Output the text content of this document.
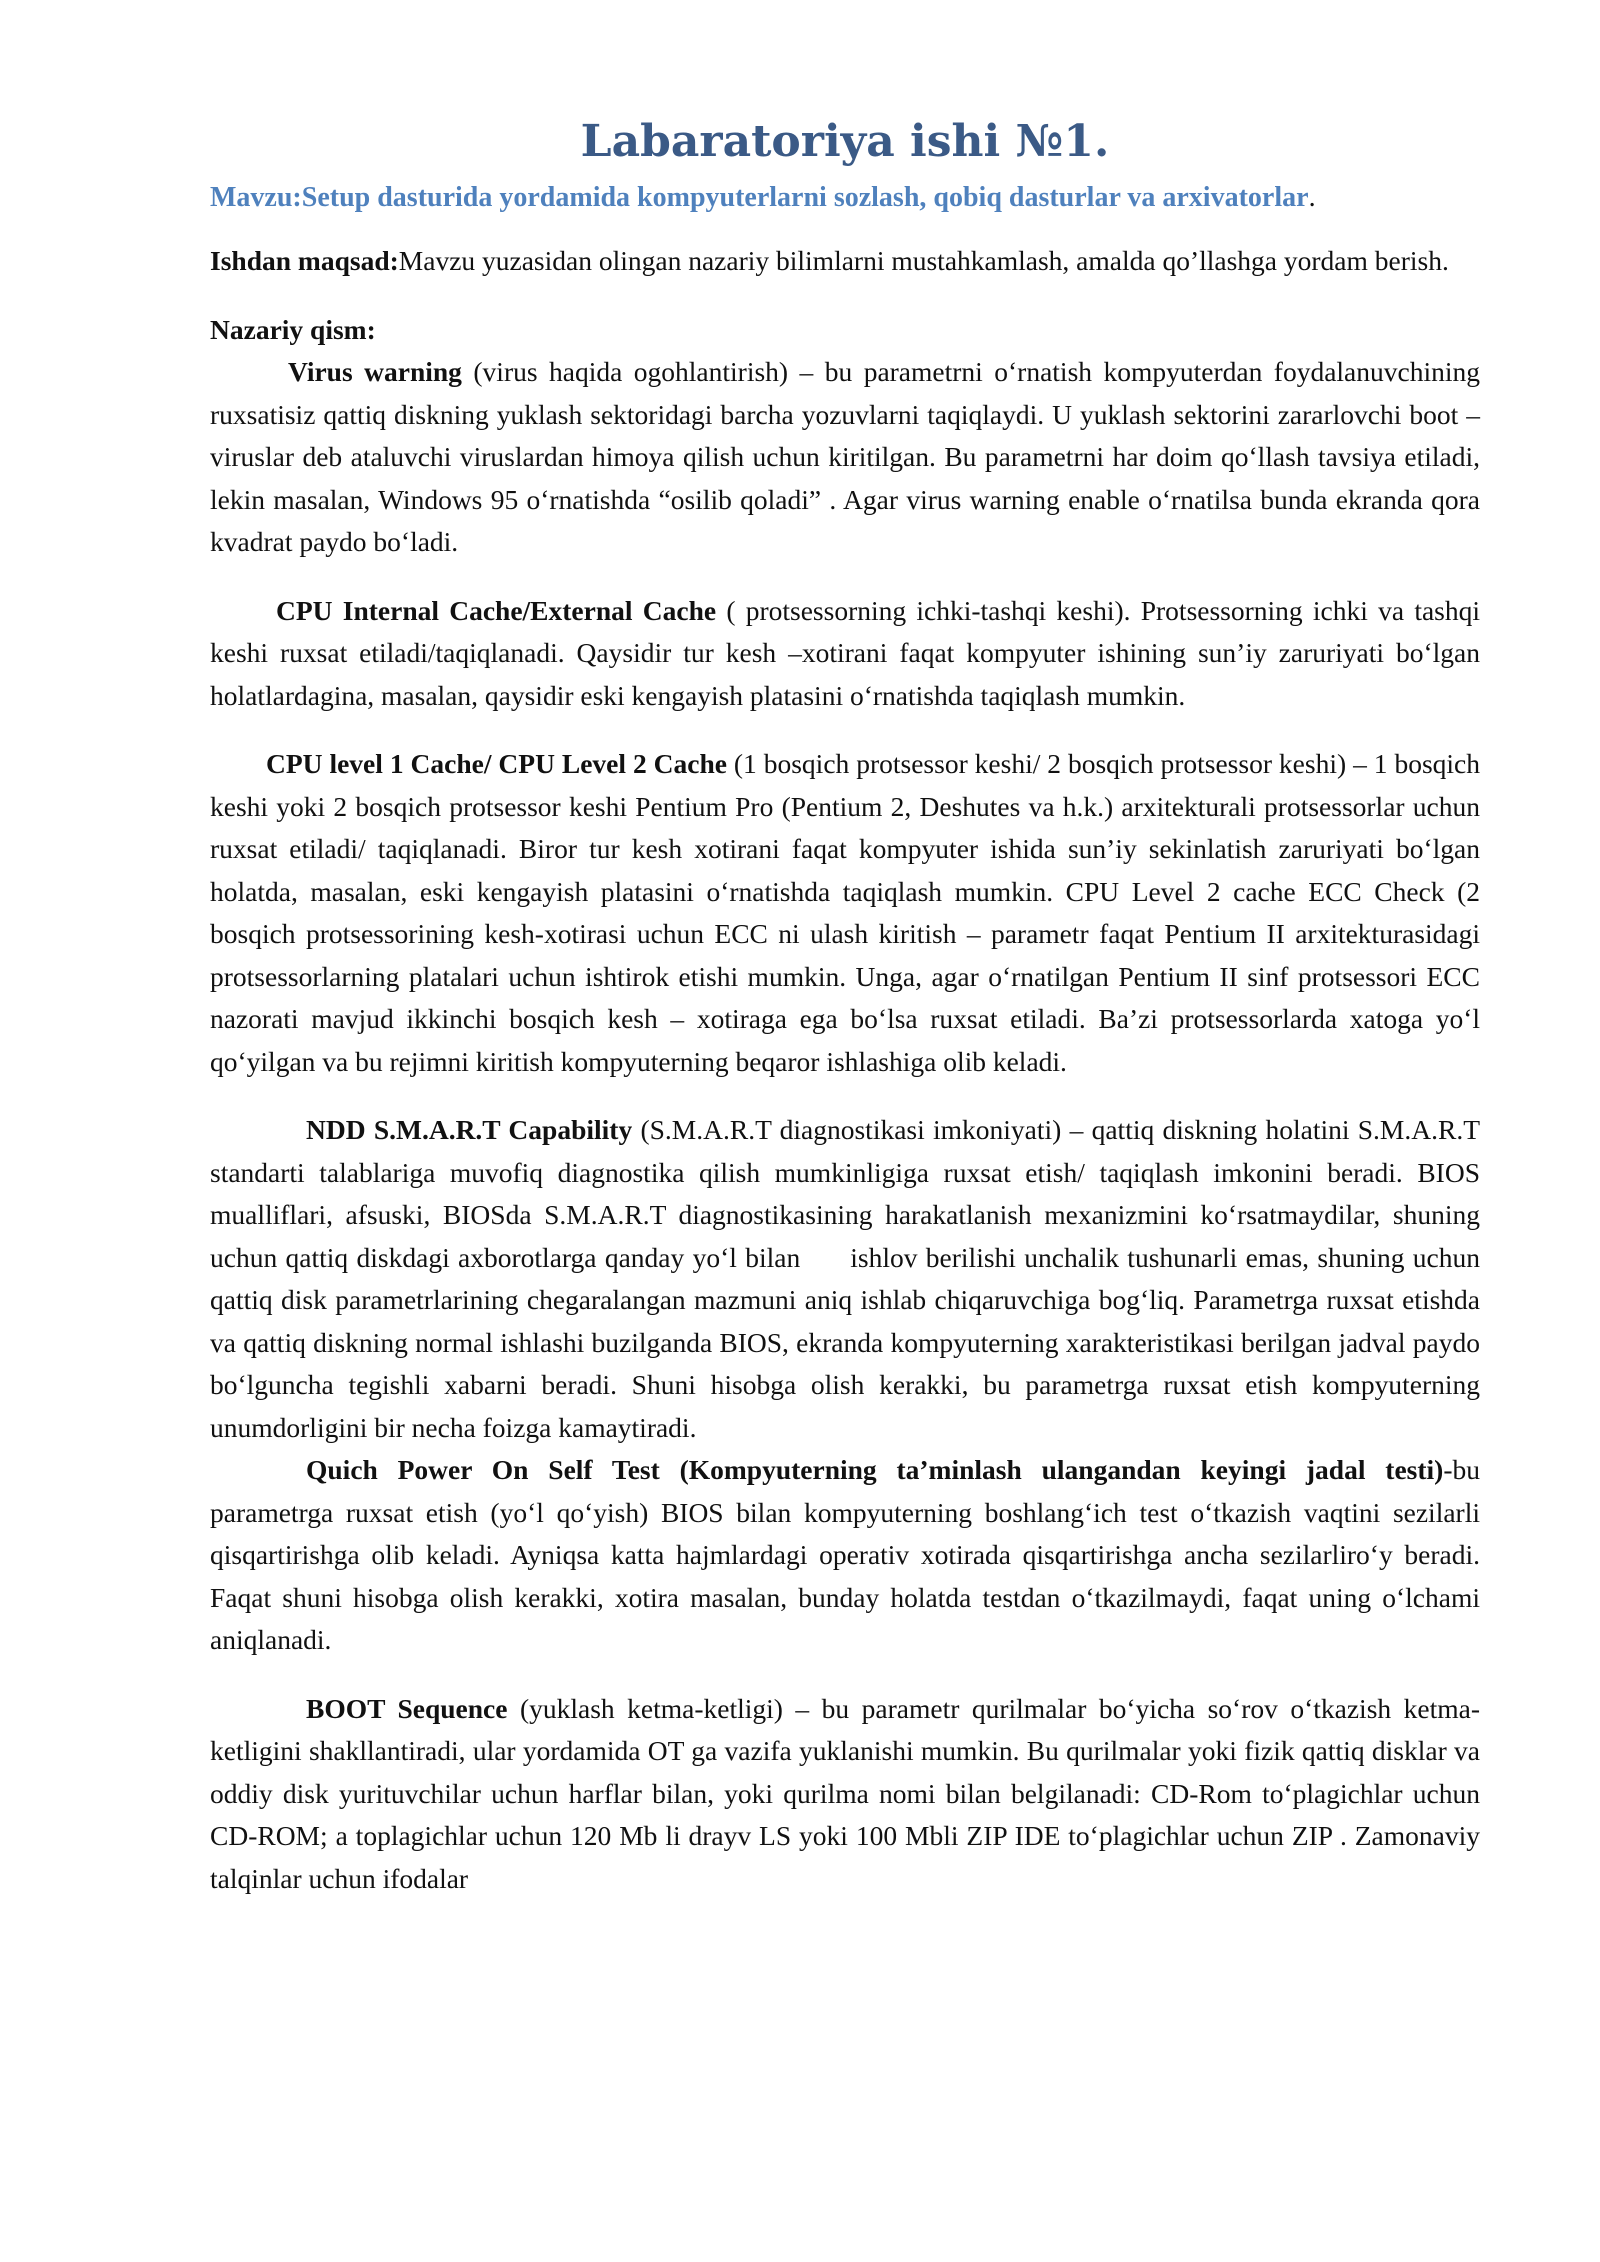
Labaratoriya ishi №1.

Mavzu:Setup dasturida yordamida kompyuterlarni sozlash, qobiq dasturlar va arxivatorlar.

Ishdan maqsad:Mavzu yuzasidan olingan nazariy bilimlarni mustahkamlash, amalda qo’llashga yordam berish.

Nazariy qism:

Virus warning (virus haqida ogohlantirish) – bu parametrni oʻrnatish kompyuterdan foydalanuvchining ruxsatisiz qattiq diskning yuklash sektoridagi barcha yozuvlarni taqiqlaydi. U yuklash sektorini zararlovchi boot – viruslar deb ataluvchi viruslardan himoya qilish uchun kiritilgan. Bu parametrni har doim qoʻllash tavsiya etiladi, lekin masalan, Windows 95 oʻrnatishda “osilib qoladi” . Agar virus warning enable oʻrnatilsa bunda ekranda qora kvadrat paydo boʻladi.

CPU Internal Cache/External Cache ( protsessorning ichki-tashqi keshi). Protsessorning ichki va tashqi keshi ruxsat etiladi/taqiqlanadi. Qaysidir tur kesh –xotirani faqat kompyuter ishining sun’iy zaruriyati boʻlgan holatlardagina, masalan, qaysidir eski kengayish platasini oʻrnatishda taqiqlash mumkin.

CPU level 1 Cache/ CPU Level 2 Cache (1 bosqich protsessor keshi/ 2 bosqich protsessor keshi) – 1 bosqich keshi yoki 2 bosqich protsessor keshi Pentium Pro (Pentium 2, Deshutes va h.k.) arxitekturali protsessorlar uchun ruxsat etiladi/ taqiqlanadi. Biror tur kesh xotirani faqat kompyuter ishida sun’iy sekinlatish zaruriyati boʻlgan holatda, masalan, eski kengayish platasini oʻrnatishda taqiqlash mumkin. CPU Level 2 cache ECC Check (2 bosqich protsessorining kesh-xotirasi uchun ECC ni ulash kiritish – parametr faqat Pentium II arxitekturasidagi protsessorlarning platalari uchun ishtirok etishi mumkin. Unga, agar oʻrnatilgan Pentium II sinf protsessori ECC nazorati mavjud ikkinchi bosqich kesh – xotiraga ega boʻlsa ruxsat etiladi. Ba’zi protsessorlarda xatoga yoʻl qoʻyilgan va bu rejimni kiritish kompyuterning beqaror ishlashiga olib keladi.

NDD S.M.A.R.T Capability (S.M.A.R.T diagnostikasi imkoniyati) – qattiq diskning holatini S.M.A.R.T standarti talablariga muvofiq diagnostika qilish mumkinligiga ruxsat etish/ taqiqlash imkonini beradi. BIOS mualliflari, afsuski, BIOSda S.M.A.R.T diagnostikasining harakatlanish mexanizmini koʻrsatmaydilar, shuning uchun qattiq diskdagi axborotlarga qanday yoʻl bilan ishlov berilishi unchalik tushunarli emas, shuning uchun qattiq disk parametrlarining chegaralangan mazmuni aniq ishlab chiqaruvchiga bogʻliq. Parametrga ruxsat etishda va qattiq diskning normal ishlashi buzilganda BIOS, ekranda kompyuterning xarakteristikasi berilgan jadval paydo boʻlguncha tegishli xabarni beradi. Shuni hisobga olish kerakki, bu parametrga ruxsat etish kompyuterning unumdorligini bir necha foizga kamaytiradi.

Quich Power On Self Test (Kompyuterning ta’minlash ulangandan keyingi jadal testi)-bu parametrga ruxsat etish (yoʻl qoʻyish) BIOS bilan kompyuterning boshlangʻich test oʻtkazish vaqtini sezilarli qisqartirishga olib keladi. Ayniqsa katta hajmlardagi operativ xotirada qisqartirishga ancha sezilarliroʻy beradi. Faqat shuni hisobga olish kerakki, xotira masalan, bunday holatda testdan oʻtkazilmaydi, faqat uning oʻlchami aniqlanadi.

BOOT Sequence (yuklash ketma-ketligi) – bu parametr qurilmalar boʻyicha soʻrov oʻtkazish ketma-ketligini shakllantiradi, ular yordamida OT ga vazifa yuklanishi mumkin. Bu qurilmalar yoki fizik qattiq disklar va oddiy disk yurituvchilar uchun harflar bilan, yoki qurilma nomi bilan belgilanadi: CD-Rom toʻplagichlar uchun CD-ROM; a toplagichlar uchun 120 Mb li drayv LS yoki 100 Mbli ZIP IDE toʻplagichlar uchun ZIP . Zamonaviy talqinlar uchun ifodalar
